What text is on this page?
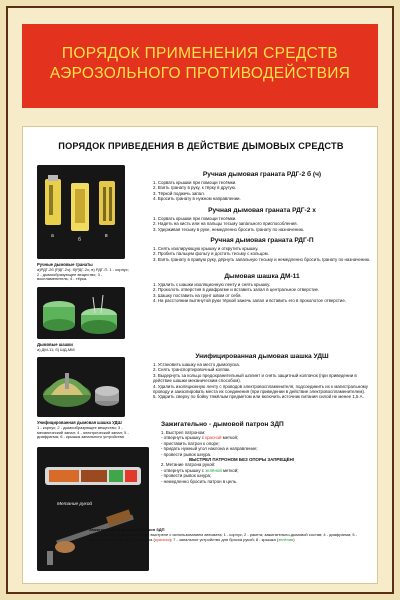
ПОРЯДОК ПРИМЕНЕНИЯ СРЕДСТВ
АЭРОЗОЛЬНОГО ПРОТИВОДЕЙСТВИЯ
ПОРЯДОК ПРИВЕДЕНИЯ В ДЕЙСТВИЕ ДЫМОВЫХ СРЕДСТВ
а
б
в
Ручные дымовые гранаты
а)РДГ-2б (РДГ-2ч); б)РДГ-2х; в) РДГ-П. 1 - корпус; 2 - дымообразующее вещество; 3 - воспламенитель; 4 - тёрка.

Ручная дымовая граната РДГ-2 б (ч)

1. Сорвать крышки при помощи тесёмки.

2. Взять гранату в руку, к тёрку в другую.

3. Тёркой поджечь запал.

4. Бросить гранату в нужном направлении.

Ручная дымовая граната РДГ-2 х

1. Сорвать крышки при помощи тесёмки.

2. Надеть на кисть или на пальцы тесьму запального приспособления.

3. Удерживая тесьму в руке, немедленно бросить гранату по назначению.

Ручная дымовая граната РДГ-П

1. Снять изолирующую крышку и открутить крышку.

2. Пробить пальцем фольгу и достать тесьму с кольцом.

3. Взять гранату в правую руку, дёрнуть запальную тесьму и немедленно бросить гранату по назначению.

Дымовые шашки
а) ДМ-11; б) ШД-ММ

Дымовая шашка ДМ-11

1. Удалить с шашки изоляционную ленту и снять крышку.

2. Проколоть отверстия в диафрагме и вставить запал в центральное отверстие.

3. Шашку поставить на грунт швом от себя.

4. На расстоянии вытянутой руки тёркой зажечь запал и вставить его в проколотое отверстие.

Унифицированная дымовая шашка УДШ
1 - корпус; 2 - дымообразующее вещество; 3 - механический запал; 4 - электрический запал; 5 - диафрагма; 6 - крышка запального устройства

Унифицированная дымовая шашка УДШ

1. Установить шашку на место дымопуска.

2. Снять транспортировочный колпак.

3. Выдернуть за кольцо предохранительный шплинт и снять защитный колпачок (при приведении в действие шашки механическим способом).

4. Удалить изоляционную ленту с проводов электровоспламенителя, подсоединить их к магистральному проводу и заизолировать места их соединения (при приведении в действие электровоспламенителем).

5. Ударить сверху по бойку тяжёлым предметом или включить источник питания силой не менее 1,5 А.

Метание рукой

Зажигательно - дымовой патрон ЗДП

1. Выстрел патроном:

- отвернуть крышку с красной меткой;

- приставить патрон к опоре;

- придать нужный угол наклона и направление;

- провести рывок шнура.

ВЫСТРЕЛ ПАТРОНОМ БЕЗ ОПОРЫ ЗАПРЕЩЁН!

2. Метание патрона рукой:

- отвернуть крышку с зелёной меткой;

- провести рывок шнура;

- немедленно бросить патрон в цель.

Зажигательный дымовой патрон ЗДП
а) устройство; б) положение при выстреле с использованием автомата; 1 - корпус; 2 - ракета; зажигательно-дымовой состав; 4 - диафрагма; 5 - запальное устройство; 6 - крышка (красная); 7 - запальное устройство для броска рукой; 8 - крышка (зелёная)
